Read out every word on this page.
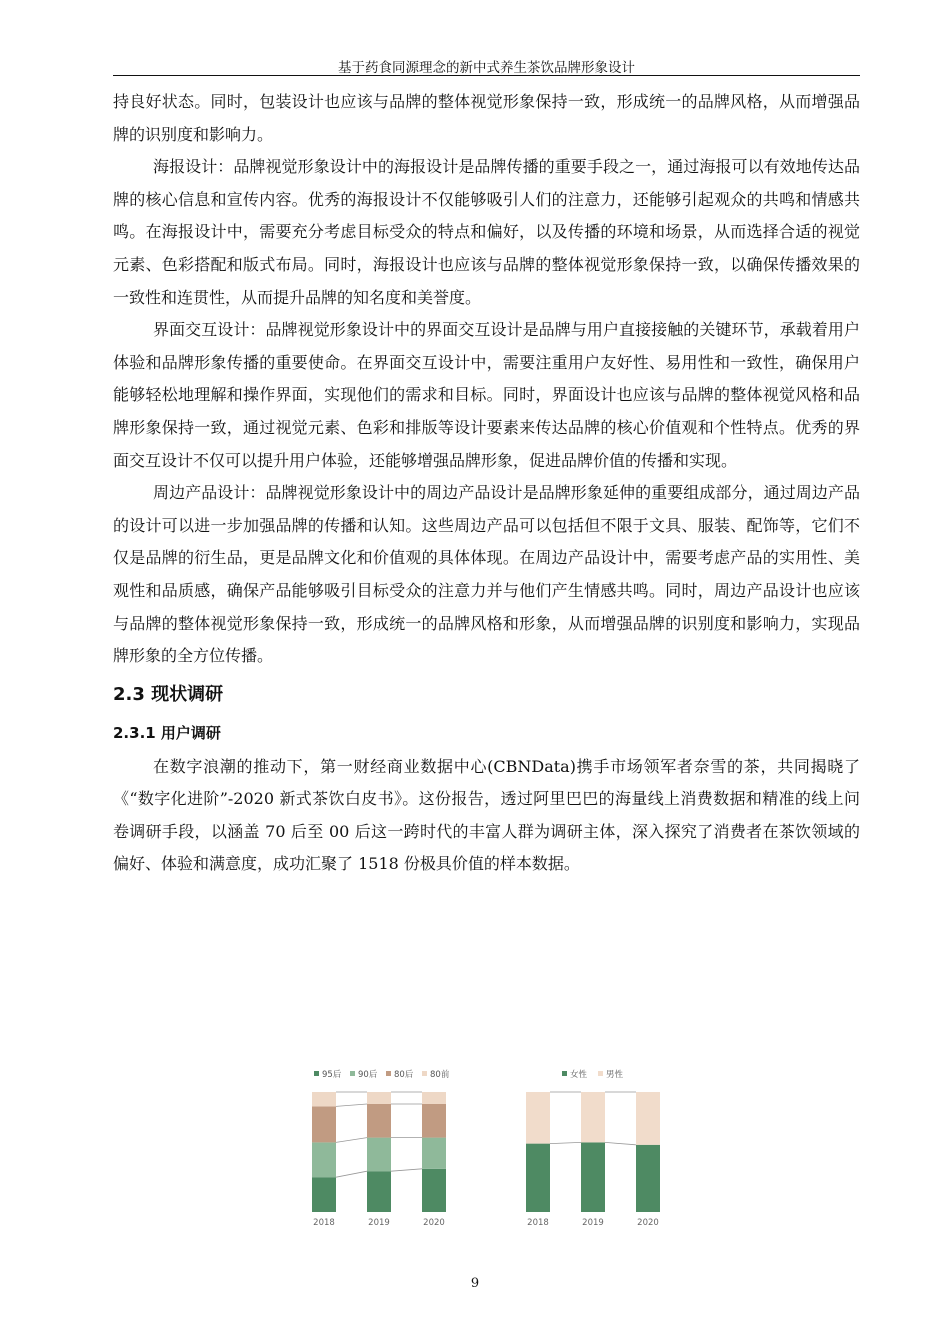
基于药食同源理念的新中式养生茶饮品牌形象设计

持良好状态。同时，包装设计也应该与品牌的整体视觉形象保持一致，形成统一的品牌风格，从而增强品牌的识别度和影响力。

海报设计：品牌视觉形象设计中的海报设计是品牌传播的重要手段之一，通过海报可以有效地传达品牌的核心信息和宣传内容。优秀的海报设计不仅能够吸引人们的注意力，还能够引起观众的共鸣和情感共鸣。在海报设计中，需要充分考虑目标受众的特点和偏好，以及传播的环境和场景，从而选择合适的视觉元素、色彩搭配和版式布局。同时，海报设计也应该与品牌的整体视觉形象保持一致，以确保传播效果的一致性和连贯性，从而提升品牌的知名度和美誉度。

界面交互设计：品牌视觉形象设计中的界面交互设计是品牌与用户直接接触的关键环节，承载着用户体验和品牌形象传播的重要使命。在界面交互设计中，需要注重用户友好性、易用性和一致性，确保用户能够轻松地理解和操作界面，实现他们的需求和目标。同时，界面设计也应该与品牌的整体视觉风格和品牌形象保持一致，通过视觉元素、色彩和排版等设计要素来传达品牌的核心价值观和个性特点。优秀的界面交互设计不仅可以提升用户体验，还能够增强品牌形象，促进品牌价值的传播和实现。

周边产品设计：品牌视觉形象设计中的周边产品设计是品牌形象延伸的重要组成部分，通过周边产品的设计可以进一步加强品牌的传播和认知。这些周边产品可以包括但不限于文具、服装、配饰等，它们不仅是品牌的衍生品，更是品牌文化和价值观的具体体现。在周边产品设计中，需要考虑产品的实用性、美观性和品质感，确保产品能够吸引目标受众的注意力并与他们产生情感共鸣。同时，周边产品设计也应该与品牌的整体视觉形象保持一致，形成统一的品牌风格和形象，从而增强品牌的识别度和影响力，实现品牌形象的全方位传播。

2.3 现状调研
2.3.1 用户调研

在数字浪潮的推动下，第一财经商业数据中心(CBNData)携手市场领军者奈雪的茶，共同揭晓了《“数字化进阶”-2020 新式茶饮白皮书》。这份报告，透过阿里巴巴的海量线上消费数据和精准的线上问卷调研手段，以涵盖 70 后至 00 后这一跨时代的丰富人群为调研主体，深入探究了消费者在茶饮领域的偏好、体验和满意度，成功汇聚了 1518 份极具价值的样本数据。

95后 90后 80后 80前
2018	2019	2020
女性 男性
2018	2019	2020
9
